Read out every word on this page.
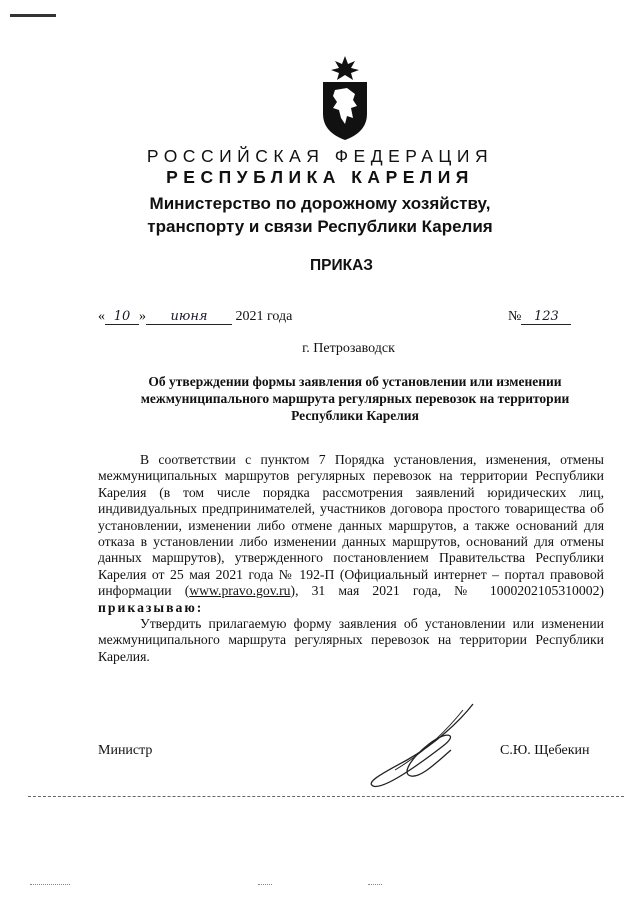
РОССИЙСКАЯ ФЕДЕРАЦИЯ
РЕСПУБЛИКА КАРЕЛИЯ
Министерство по дорожному хозяйству,
транспорту и связи Республики Карелия
ПРИКАЗ
« 10 » июня 2021 года	№ 123
г. Петрозаводск
Об утверждении формы заявления об установлении или изменении межмуниципального маршрута регулярных перевозок на территории Республики Карелия

В соответствии с пунктом 7 Порядка установления, изменения, отмены межмуниципальных маршрутов регулярных перевозок на территории Республики Карелия (в том числе порядка рассмотрения заявлений юридических лиц, индивидуальных предпринимателей, участников договора простого товарищества об установлении, изменении либо отмене данных маршрутов, а также оснований для отказа в установлении либо изменении данных маршрутов, оснований для отмены данных маршрутов), утвержденного постановлением Правительства Республики Карелия от 25 мая 2021 года № 192-П (Официальный интернет – портал правовой информации (www.pravo.gov.ru), 31 мая 2021 года, № 1000202105310002) приказываю:

Утвердить прилагаемую форму заявления об установлении или изменении межмуниципального маршрута регулярных перевозок на территории Республики Карелия.

Министр	С.Ю. Щебекин
